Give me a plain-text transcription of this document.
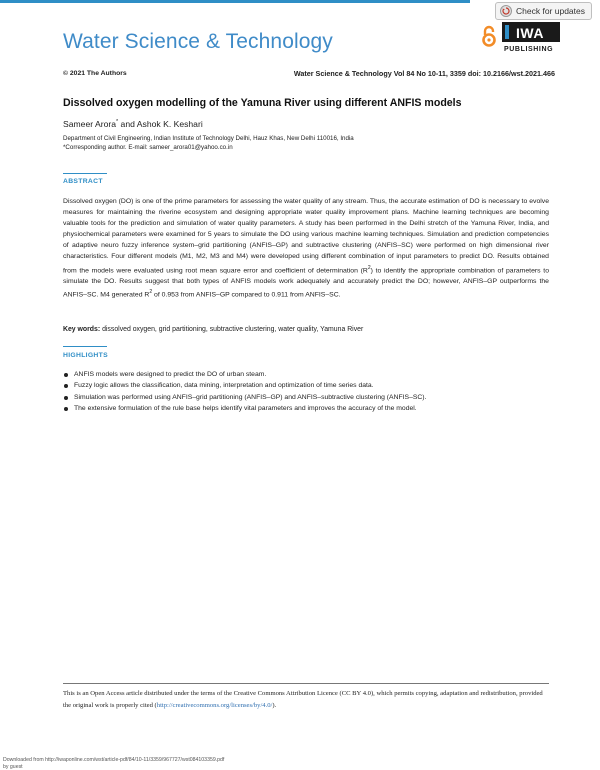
Check for updates
Water Science & Technology	IWA
PUBLISHING
© 2021 The Authors	Water Science & Technology Vol 84 No 10-11, 3359 doi: 10.2166/wst.2021.466
Dissolved oxygen modelling of the Yamuna River using different ANFIS models
Sameer Arora* and Ashok K. Keshari
Department of Civil Engineering, Indian Institute of Technology Delhi, Hauz Khas, New Delhi 110016, India
*Corresponding author. E-mail: sameer_arora01@yahoo.co.in
ABSTRACT
Dissolved oxygen (DO) is one of the prime parameters for assessing the water quality of any stream. Thus, the accurate estimation of DO is necessary to evolve measures for maintaining the riverine ecosystem and designing appropriate water quality improvement plans. Machine learning techniques are becoming valuable tools for the prediction and simulation of water quality parameters. A study has been performed in the Delhi stretch of the Yamuna River, India, and physiochemical parameters were examined for 5 years to simulate the DO using various machine learning techniques. Simulation and prediction competencies of adaptive neuro fuzzy inference system–grid partitioning (ANFIS–GP) and subtractive clustering (ANFIS–SC) were performed on high dimensional river characteristics. Four different models (M1, M2, M3 and M4) were developed using different combination of input parameters to predict DO. Results obtained from the models were evaluated using root mean square error and coefficient of determination $(R^2)$ to identify the appropriate combination of parameters to simulate the DO. Results suggest that both types of ANFIS models work adequately and accurately predict the DO; however, ANFIS–GP outperforms the ANFIS–SC. M4 generated $R^2$ of 0.953 from ANFIS–GP compared to 0.911 from ANFIS–SC.
Key words: dissolved oxygen, grid partitioning, subtractive clustering, water quality, Yamuna River
HIGHLIGHTS
ANFIS models were designed to predict the DO of urban steam.
Fuzzy logic allows the classification, data mining, interpretation and optimization of time series data.
Simulation was performed using ANFIS–grid partitioning (ANFIS–GP) and ANFIS–subtractive clustering (ANFIS–SC).
The extensive formulation of the rule base helps identify vital parameters and improves the accuracy of the model.
This is an Open Access article distributed under the terms of the Creative Commons Attribution Licence (CC BY 4.0), which permits copying, adaptation and redistribution, provided the original work is properly cited (http://creativecommons.org/licenses/by/4.0/).
Downloaded from http://iwaponline.com/wst/article-pdf/84/10-11/3359/967727/wst084103359.pdf
by guest
